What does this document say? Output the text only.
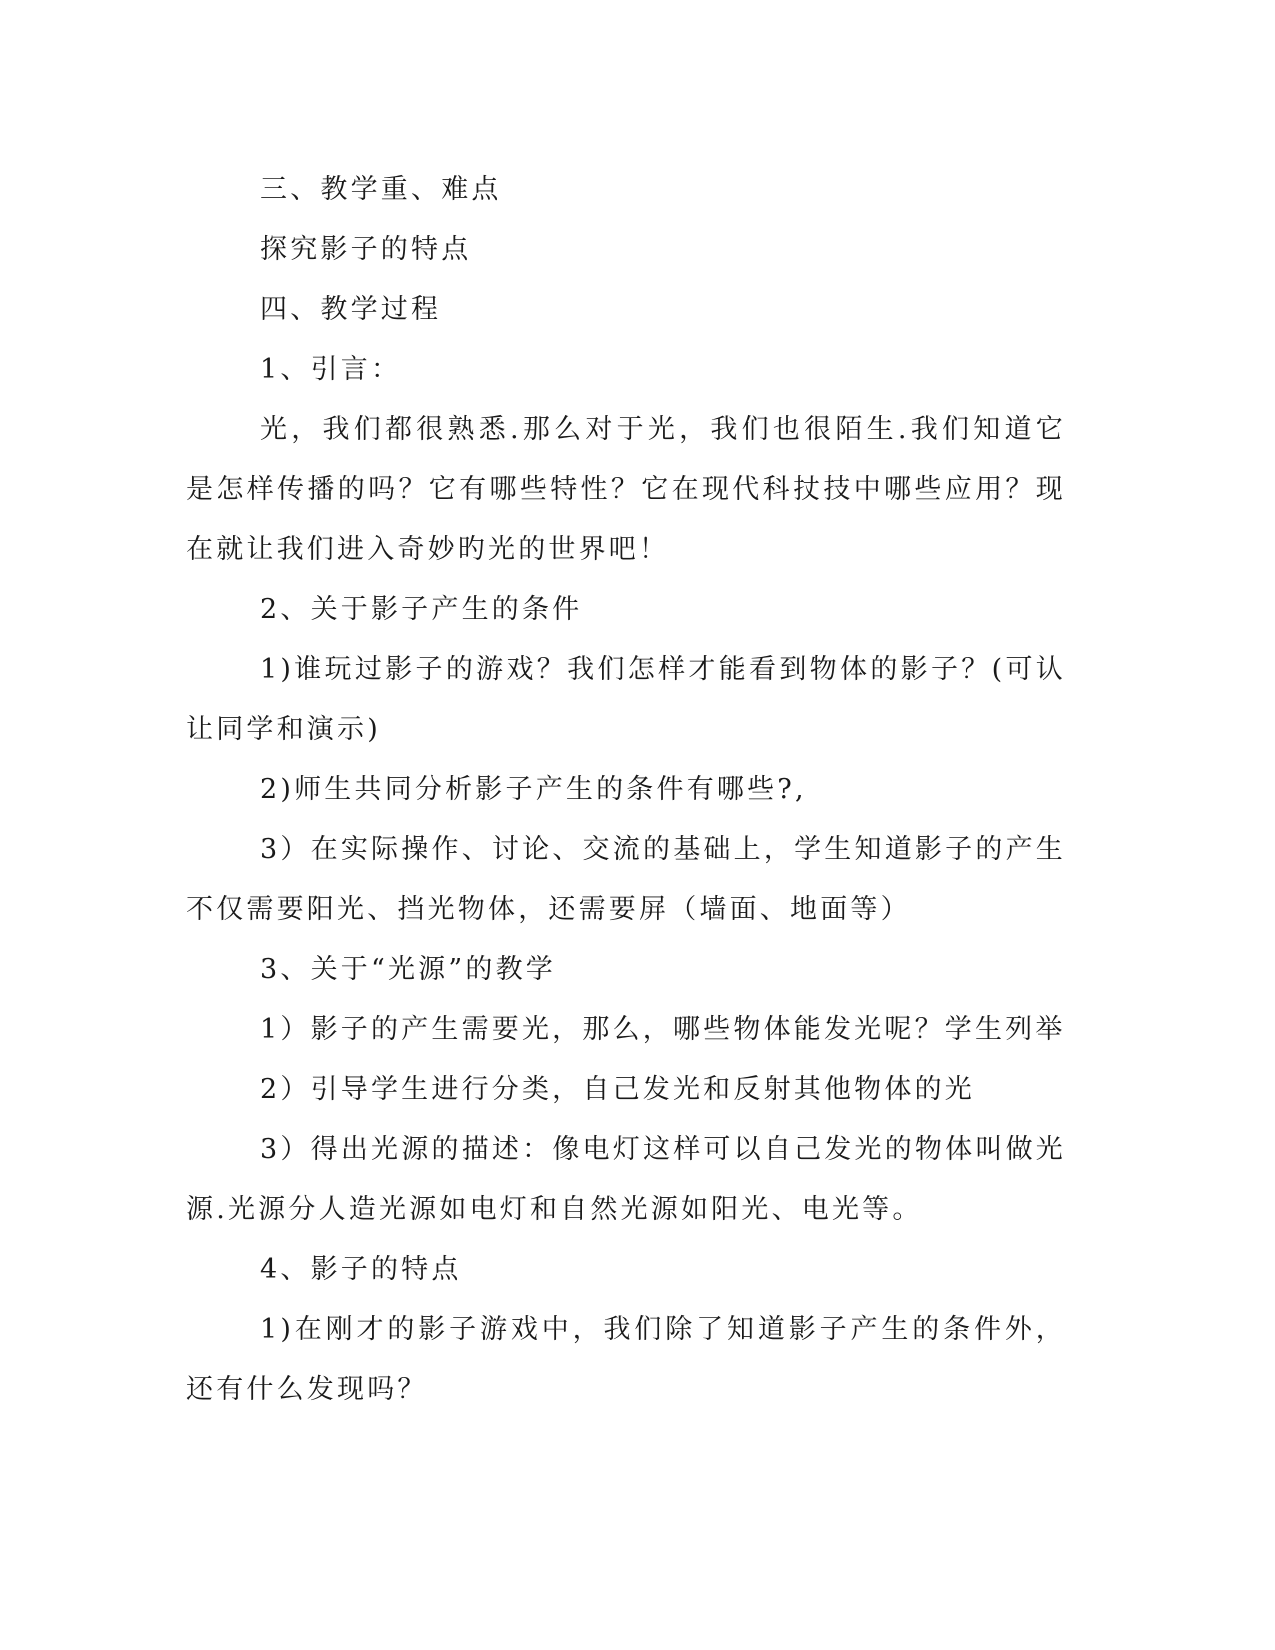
三、教学重、难点

探究影子的特点

四、教学过程

1、引言：

光，我们都很熟悉.那么对于光，我们也很陌生.我们知道它是怎样传播的吗？它有哪些特性？它在现代科扙技中哪些应用？现在就让我们进入奇妙旳光的世界吧！

2、关于影子产生的条件

1)谁玩过影子的游戏？我们怎样才能看到物体的影子？(可认让同学和演示)

2)师生共同分析影子产生的条件有哪些?,

3）在实际操作、讨论、交流的基础上，学生知道影子的产生不仅需要阳光、挡光物体，还需要屏（墙面、地面等）

3、关于“光源”的教学

1）影子的产生需要光，那么，哪些物体能发光呢？学生列举

2）引导学生进行分类，自己发光和反射其他物体的光

3）得出光源的描述：像电灯这样可以自己发光的物体叫做光源.光源分人造光源如电灯和自然光源如阳光、电光等。

4、影子的特点

1)在刚才的影子游戏中，我们除了知道影子产生的条件外，还有什么发现吗？
